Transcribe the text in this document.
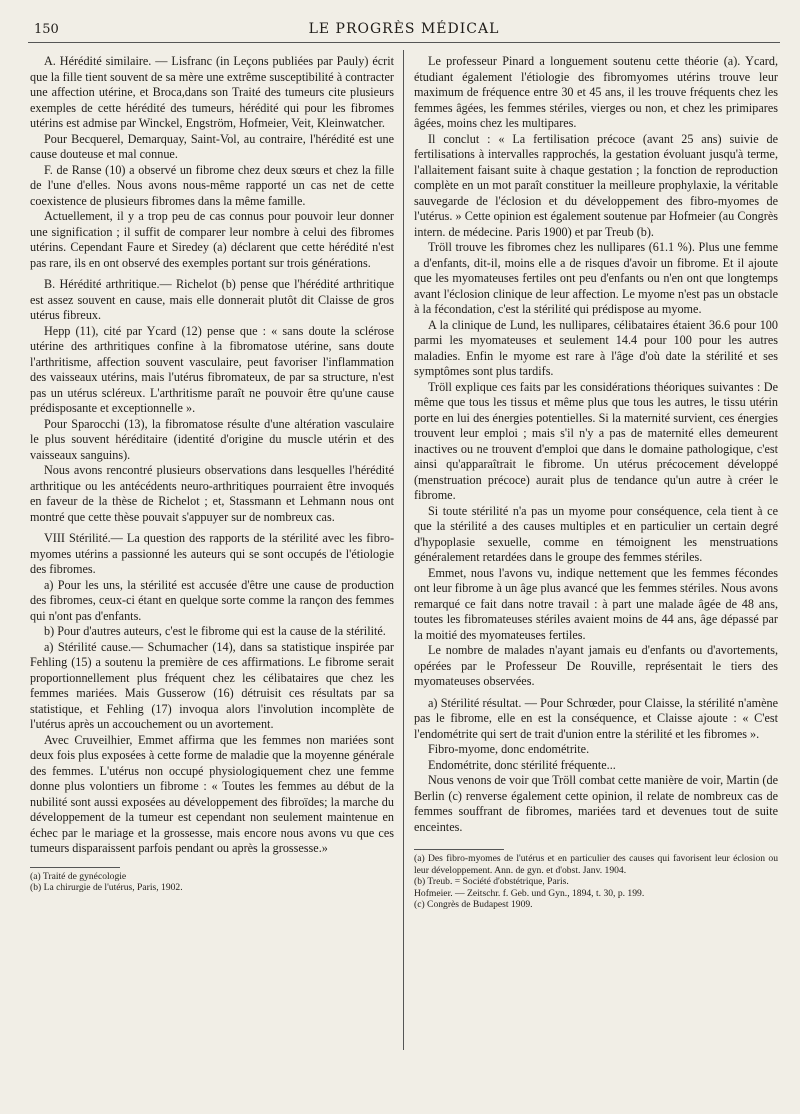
150	LE PROGRÈS MÉDICAL

A. Hérédité similaire. — Lisfranc (in Leçons publiées par Pauly) écrit que la fille tient souvent de sa mère une extrême susceptibilité à contracter une affection utérine, et Broca,dans son Traité des tumeurs cite plusieurs exemples de cette hérédité des tumeurs, hérédité qui pour les fibromes utérins est admise par Winckel, Engström, Hofmeier, Veit, Kleinwatcher.

Pour Becquerel, Demarquay, Saint-Vol, au contraire, l'hérédité est une cause douteuse et mal connue.

F. de Ranse (10) a observé un fibrome chez deux sœurs et chez la fille de l'une d'elles. Nous avons nous-même rapporté un cas net de cette coexistence de plusieurs fibromes dans la même famille.

Actuellement, il y a trop peu de cas connus pour pouvoir leur donner une signification ; il suffit de comparer leur nombre à celui des fibromes utérins. Cependant Faure et Siredey (a) déclarent que cette hérédité n'est pas rare, ils en ont observé des exemples portant sur trois générations.

B. Hérédité arthritique.— Richelot (b) pense que l'hérédité arthritique est assez souvent en cause, mais elle donnerait plutôt dit Claisse de gros utérus fibreux.

Hepp (11), cité par Ycard (12) pense que : « sans doute la sclérose utérine des arthritiques confine à la fibromatose utérine, sans doute l'arthritisme, affection souvent vasculaire, peut favoriser l'inflammation des vaisseaux utérins, mais l'utérus fibromateux, de par sa structure, n'est pas un utérus scléreux. L'arthritisme paraît ne pouvoir être qu'une cause prédisposante et exceptionnelle ».

Pour Sparocchi (13), la fibromatose résulte d'une altération vasculaire le plus souvent héréditaire (identité d'origine du muscle utérin et des vaisseaux sanguins).

Nous avons rencontré plusieurs observations dans lesquelles l'hérédité arthritique ou les antécédents neuro-arthritiques pourraient être invoqués en faveur de la thèse de Richelot ; et, Stassmann et Lehmann nous ont montré que cette thèse pouvait s'appuyer sur de nombreux cas.

VIII Stérilité.— La question des rapports de la stérilité avec les fibro-myomes utérins a passionné les auteurs qui se sont occupés de l'étiologie des fibromes.

a) Pour les uns, la stérilité est accusée d'être une cause de production des fibromes, ceux-ci étant en quelque sorte comme la rançon des femmes qui n'ont pas d'enfants.

b) Pour d'autres auteurs, c'est le fibrome qui est la cause de la stérilité.

a) Stérilité cause.— Schumacher (14), dans sa statistique inspirée par Fehling (15) a soutenu la première de ces affirmations. Le fibrome serait proportionnellement plus fréquent chez les célibataires que chez les femmes mariées. Mais Gusserow (16) détruisit ces résultats par sa statistique, et Fehling (17) invoqua alors l'involution incomplète de l'utérus après un accouchement ou un avortement.

Avec Cruveilhier, Emmet affirma que les femmes non mariées sont deux fois plus exposées à cette forme de maladie que la moyenne générale des femmes. L'utérus non occupé physiologiquement chez une femme donne plus volontiers un fibrome : « Toutes les femmes au début de la nubilité sont aussi exposées au développement des fibroïdes; la marche du développement de la tumeur est cependant non seulement maintenue en échec par le mariage et la grossesse, mais encore nous avons vu que ces tumeurs disparaissent parfois pendant ou après la grossesse.»

(a) Traité de gynécologie

(b) La chirurgie de l'utérus, Paris, 1902.

Le professeur Pinard a longuement soutenu cette théorie (a). Ycard, étudiant également l'étiologie des fibromyomes utérins trouve leur maximum de fréquence entre 30 et 45 ans, il les trouve fréquents chez les femmes âgées, les femmes stériles, vierges ou non, et chez les primipares âgées, moins chez les multipares.

Il conclut : « La fertilisation précoce (avant 25 ans) suivie de fertilisations à intervalles rapprochés, la gestation évoluant jusqu'à terme, l'allaitement faisant suite à chaque gestation ; la fonction de reproduction complète en un mot paraît constituer la meilleure prophylaxie, la véritable sauvegarde de l'éclosion et du développement des fibro-myomes de l'utérus. » Cette opinion est également soutenue par Hofmeier (au Congrès intern. de médecine. Paris 1900) et par Treub (b).

Tröll trouve les fibromes chez les nullipares (61.1 %). Plus une femme a d'enfants, dit-il, moins elle a de risques d'avoir un fibrome. Et il ajoute que les myomateuses fertiles ont peu d'enfants ou n'en ont que longtemps avant l'éclosion clinique de leur affection. Le myome n'est pas un obstacle à la fécondation, c'est la stérilité qui prédispose au myome.

A la clinique de Lund, les nullipares, célibataires étaient 36.6 pour 100 parmi les myomateuses et seulement 14.4 pour 100 pour les autres maladies. Enfin le myome est rare à l'âge d'où date la stérilité et ses symptômes sont plus tardifs.

Tröll explique ces faits par les considérations théoriques suivantes : De même que tous les tissus et même plus que tous les autres, le tissu utérin porte en lui des énergies potentielles. Si la maternité survient, ces énergies trouvent leur emploi ; mais s'il n'y a pas de maternité elles demeurent inactives ou ne trouvent d'emploi que dans le domaine pathologique, c'est ainsi qu'apparaîtrait le fibrome. Un utérus précocement développé (menstruation précoce) aurait plus de tendance qu'un autre à créer le fibrome.

Si toute stérilité n'a pas un myome pour conséquence, cela tient à ce que la stérilité a des causes multiples et en particulier un certain degré d'hypoplasie sexuelle, comme en témoignent les menstruations généralement retardées dans le groupe des femmes stériles.

Emmet, nous l'avons vu, indique nettement que les femmes fécondes ont leur fibrome à un âge plus avancé que les femmes stériles. Nous avons remarqué ce fait dans notre travail : à part une malade âgée de 48 ans, toutes les fibromateuses stériles avaient moins de 44 ans, âge dépassé par la moitié des myomateuses fertiles.

Le nombre de malades n'ayant jamais eu d'enfants ou d'avortements, opérées par le Professeur De Rouville, représentait le tiers des myomateuses observées.

a) Stérilité résultat. — Pour Schrœder, pour Claisse, la stérilité n'amène pas le fibrome, elle en est la conséquence, et Claisse ajoute : « C'est l'endométrite qui sert de trait d'union entre la stérilité et les fibromes ».

Fibro-myome, donc endométrite.

Endométrite, donc stérilité fréquente...

Nous venons de voir que Tröll combat cette manière de voir, Martin (de Berlin (c) renverse également cette opinion, il relate de nombreux cas de femmes souffrant de fibromes, mariées tard et devenues tout de suite enceintes.

(a) Des fibro-myomes de l'utérus et en particulier des causes qui favorisent leur éclosion ou leur développement. Ann. de gyn. et d'obst. Janv. 1904.

(b) Treub. = Société d'obstétrique, Paris.

Hofmeier. — Zeitschr. f. Geb. und Gyn., 1894, t. 30, p. 199.

(c) Congrès de Budapest 1909.
